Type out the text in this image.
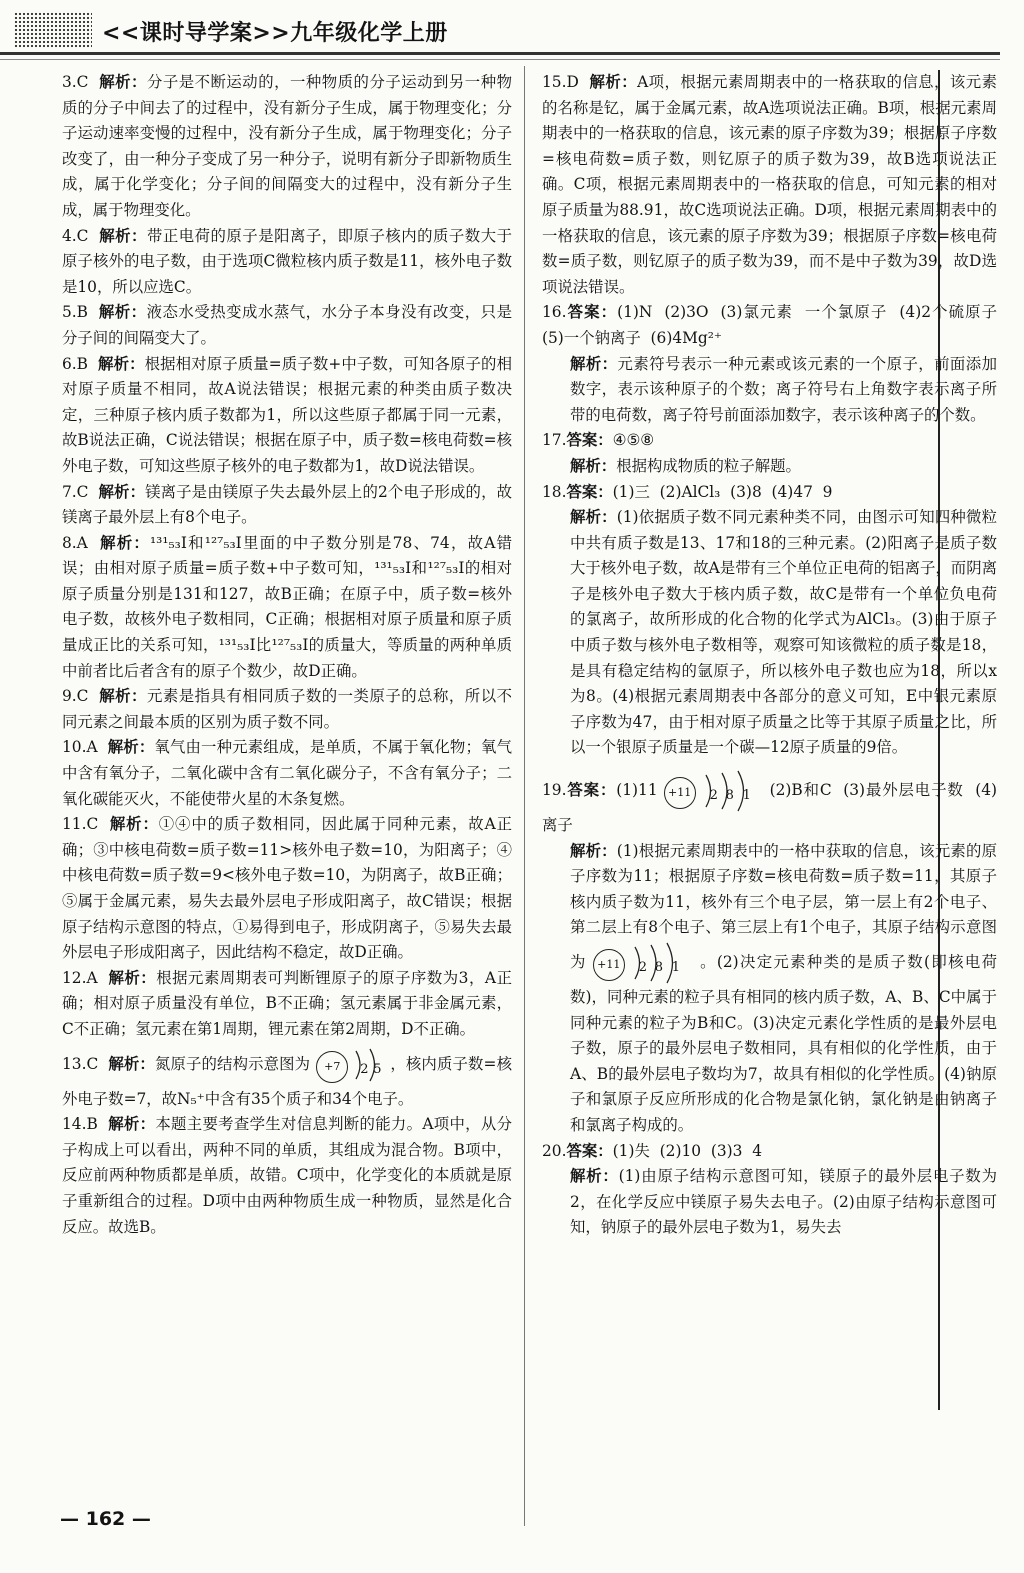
<<课时导学案>>九年级化学上册
3.C 解析：分子是不断运动的，一种物质的分子运动到另一种物质的分子中间去了的过程中，没有新分子生成，属于物理变化；分子运动速率变慢的过程中，没有新分子生成，属于物理变化；分子改变了，由一种分子变成了另一种分子，说明有新分子即新物质生成，属于化学变化；分子间的间隔变大的过程中，没有新分子生成，属于物理变化。
4.C 解析：带正电荷的原子是阳离子，即原子核内的质子数大于原子核外的电子数，由于选项C微粒核内质子数是11，核外电子数是10，所以应选C。
5.B 解析：液态水受热变成水蒸气，水分子本身没有改变，只是分子间的间隔变大了。
6.B 解析：根据相对原子质量=质子数+中子数，可知各原子的相对原子质量不相同，故A说法错误；根据元素的种类由质子数决定，三种原子核内质子数都为1，所以这些原子都属于同一元素，故B说法正确，C说法错误；根据在原子中，质子数=核电荷数=核外电子数，可知这些原子核外的电子数都为1，故D说法错误。
7.C 解析：镁离子是由镁原子失去最外层上的2个电子形成的，故镁离子最外层上有8个电子。
8.A 解析：¹³¹₅₃I和¹²⁷₅₃I里面的中子数分别是78、74，故A错误；由相对原子质量=质子数+中子数可知，¹³¹₅₃I和¹²⁷₅₃I的相对原子质量分别是131和127，故B正确；在原子中，质子数=核外电子数，故核外电子数相同，C正确；根据相对原子质量和原子质量成正比的关系可知，¹³¹₅₃I比¹²⁷₅₃I的质量大，等质量的两种单质中前者比后者含有的原子个数少，故D正确。
9.C 解析：元素是指具有相同质子数的一类原子的总称，所以不同元素之间最本质的区别为质子数不同。
10.A 解析：氧气由一种元素组成，是单质，不属于氧化物；氧气中含有氧分子，二氧化碳中含有二氧化碳分子，不含有氧分子；二氧化碳能灭火，不能使带火星的木条复燃。
11.C 解析：①④中的质子数相同，因此属于同种元素，故A正确；③中核电荷数=质子数=11>核外电子数=10，为阳离子；④中核电荷数=质子数=9<核外电子数=10，为阴离子，故B正确；⑤属于金属元素，易失去最外层电子形成阳离子，故C错误；根据原子结构示意图的特点，①易得到电子，形成阴离子，⑤易失去最外层电子形成阳离子，因此结构不稳定，故D正确。
12.A 解析：根据元素周期表可判断锂原子的原子序数为3，A正确；相对原子质量没有单位，B不正确；氢元素属于非金属元素，C不正确；氢元素在第1周期，锂元素在第2周期，D不正确。
13.C 解析：氮原子的结构示意图为	+7	2 5 ，核内质子数=核外电子数=7，故N₅⁺中含有35个质子和34个电子。
14.B 解析：本题主要考查学生对信息判断的能力。A项中，从分子构成上可以看出，两种不同的单质，其组成为混合物。B项中，反应前两种物质都是单质，故错。C项中，化学变化的本质就是原子重新组合的过程。D项中由两种物质生成一种物质，显然是化合反应。故选B。
15.D 解析：A项，根据元素周期表中的一格获取的信息，该元素的名称是钇，属于金属元素，故A选项说法正确。B项，根据元素周期表中的一格获取的信息，该元素的原子序数为39；根据原子序数=核电荷数=质子数，则钇原子的质子数为39，故B选项说法正确。C项，根据元素周期表中的一格获取的信息，可知元素的相对原子质量为88.91，故C选项说法正确。D项，根据元素周期表中的一格获取的信息，该元素的原子序数为39；根据原子序数=核电荷数=质子数，则钇原子的质子数为39，而不是中子数为39，故D选项说法错误。
16.答案：(1)N  (2)3O  (3)氯元素  一个氯原子  (4)2个硫原子  (5)一个钠离子  (6)4Mg²⁺
解析：元素符号表示一种元素或该元素的一个原子，前面添加数字，表示该种原子的个数；离子符号右上角数字表示离子所带的电荷数，离子符号前面添加数字，表示该种离子的个数。
17.答案：④⑤⑧
解析：根据构成物质的粒子解题。
18.答案：(1)三  (2)AlCl₃  (3)8  (4)47  9
解析：(1)依据质子数不同元素种类不同，由图示可知四种微粒中共有质子数是13、17和18的三种元素。(2)阳离子是质子数大于核外电子数，故A是带有三个单位正电荷的铝离子，而阴离子是核外电子数大于核内质子数，故C是带有一个单位负电荷的氯离子，故所形成的化合物的化学式为AlCl₃。(3)由于原子中质子数与核外电子数相等，观察可知该微粒的质子数是18，是具有稳定结构的氩原子，所以核外电子数也应为18，所以x为8。(4)根据元素周期表中各部分的意义可知，E中银元素原子序数为47，由于相对原子质量之比等于其原子质量之比，所以一个银原子质量是一个碳—12原子质量的9倍。
19.答案：(1)11 +11	2 8 1 (2)B和C  (3)最外层电子数  (4)离子
解析：(1)根据元素周期表中的一格中获取的信息，该元素的原子序数为11；根据原子序数=核电荷数=质子数=11，其原子核内质子数为11，核外有三个电子层，第一层上有2个电子、第二层上有8个电子、第三层上有1个电子，其原子结构示意图为 +11	2 8 1 。(2)决定元素种类的是质子数(即核电荷数)，同种元素的粒子具有相同的核内质子数，A、B、C中属于同种元素的粒子为B和C。(3)决定元素化学性质的是最外层电子数，原子的最外层电子数相同，具有相似的化学性质，由于A、B的最外层电子数均为7，故具有相似的化学性质。(4)钠原子和氯原子反应所形成的化合物是氯化钠，氯化钠是由钠离子和氯离子构成的。
20.答案：(1)失  (2)10  (3)3  4
解析：(1)由原子结构示意图可知，镁原子的最外层电子数为2，在化学反应中镁原子易失去电子。(2)由原子结构示意图可知，钠原子的最外层电子数为1，易失去
— 162 —
